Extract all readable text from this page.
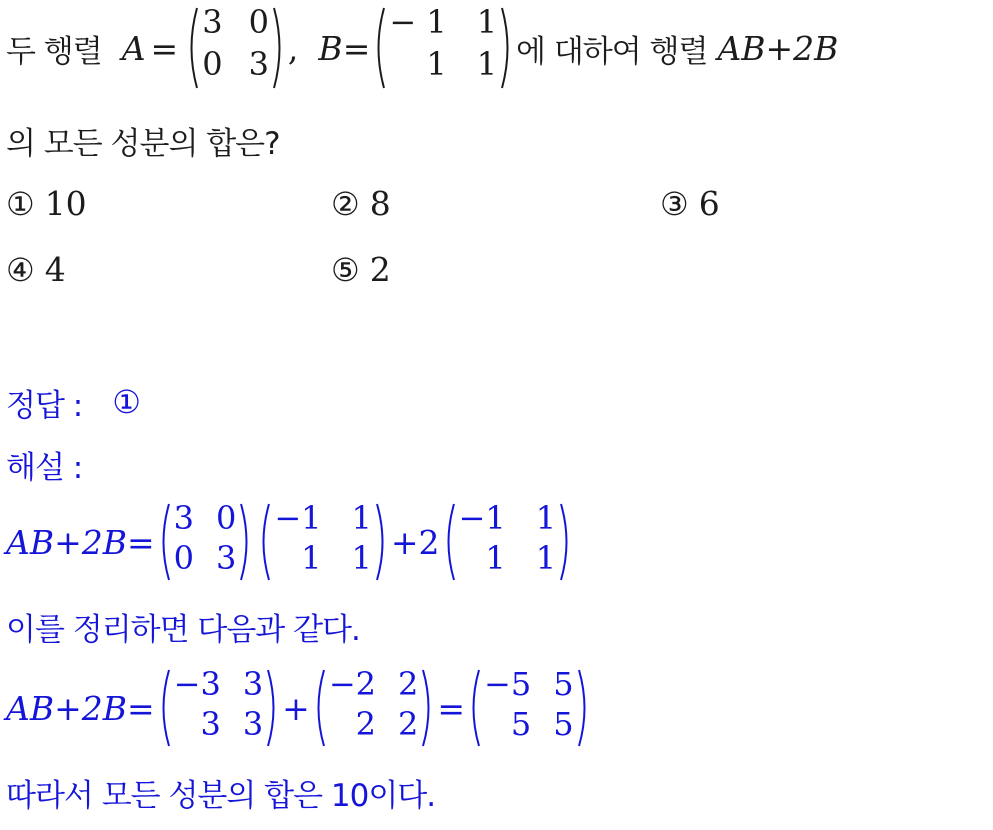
두 행렬 A =
3 0
0 3 , B =
− 1 1
1 1 에 대하여 행렬 AB+2B
의 모든 성분의 합은?
① 10	② 8	③ 6
④ 4	⑤ 2
정답 : ①
해설 :
AB+2B =
3 0
0 3
−1 1
1 1 +2
−1 1
1 1
이를 정리하면 다음과 같다.
AB+2B =
−3 3
3 3 +
−2 2
2 2 =
−5 5
5 5
따라서 모든 성분의 합은 10이다.
